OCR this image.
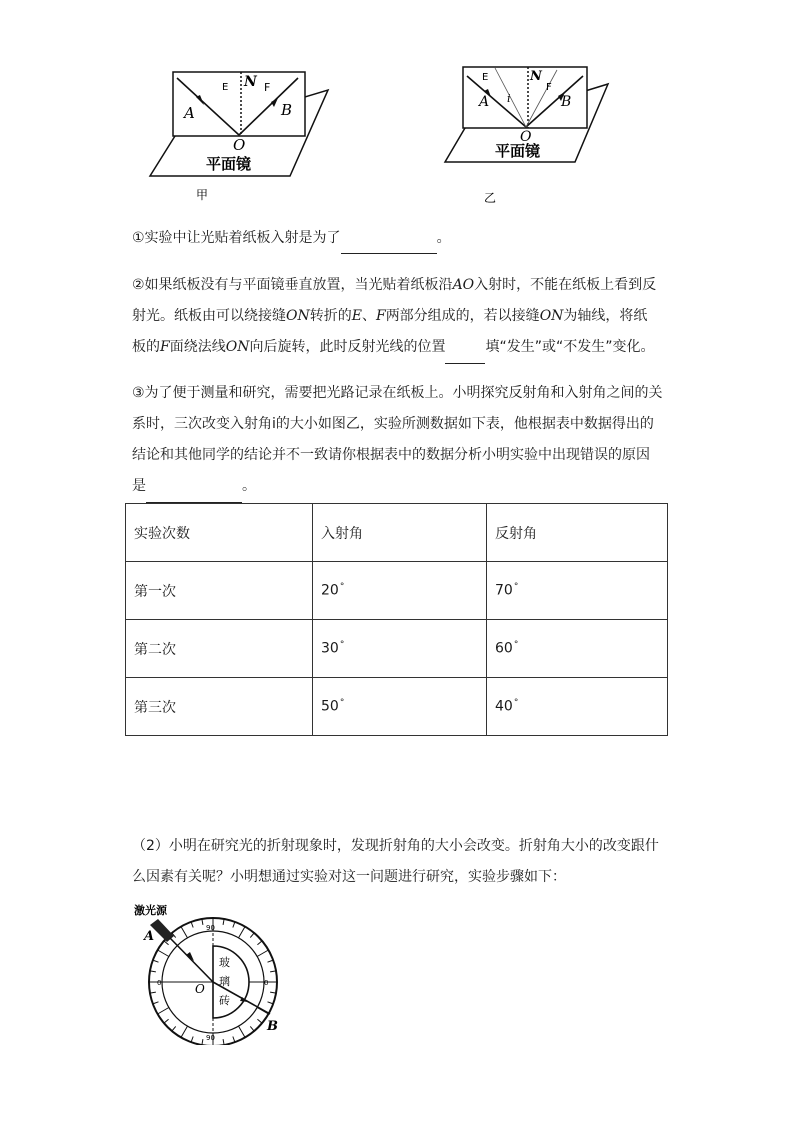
E N F
A	B
O
平面镜
甲
E	N
F
A i	B
O
平面镜
乙
①实验中让光贴着纸板入射是为了	。
②如果纸板没有与平面镜垂直放置，当光贴着纸板沿AO入射时，不能在纸板上看到反
射光。纸板由可以绕接缝ON转折的E、F两部分组成的，若以接缝ON为轴线，将纸
板的F面绕法线ON向后旋转，此时反射光线的位置	填“发生”或“不发生”变化。
③为了便于测量和研究，需要把光路记录在纸板上。小明探究反射角和入射角之间的关
系时，三次改变入射角i的大小如图乙，实验所测数据如下表，他根据表中数据得出的
结论和其他同学的结论并不一致请你根据表中的数据分析小明实验中出现错误的原因
是	。
实验次数	入射角	反射角
第一次	20°	70°
第二次	30°	60°
第三次	50°	40°
（2）小明在研究光的折射现象时，发现折射角的大小会改变。折射角大小的改变跟什
么因素有关呢？小明想通过实验对这一问题进行研究，实验步骤如下：
激光源
玻
璃
砖
A
O
B
90
90
0	0
